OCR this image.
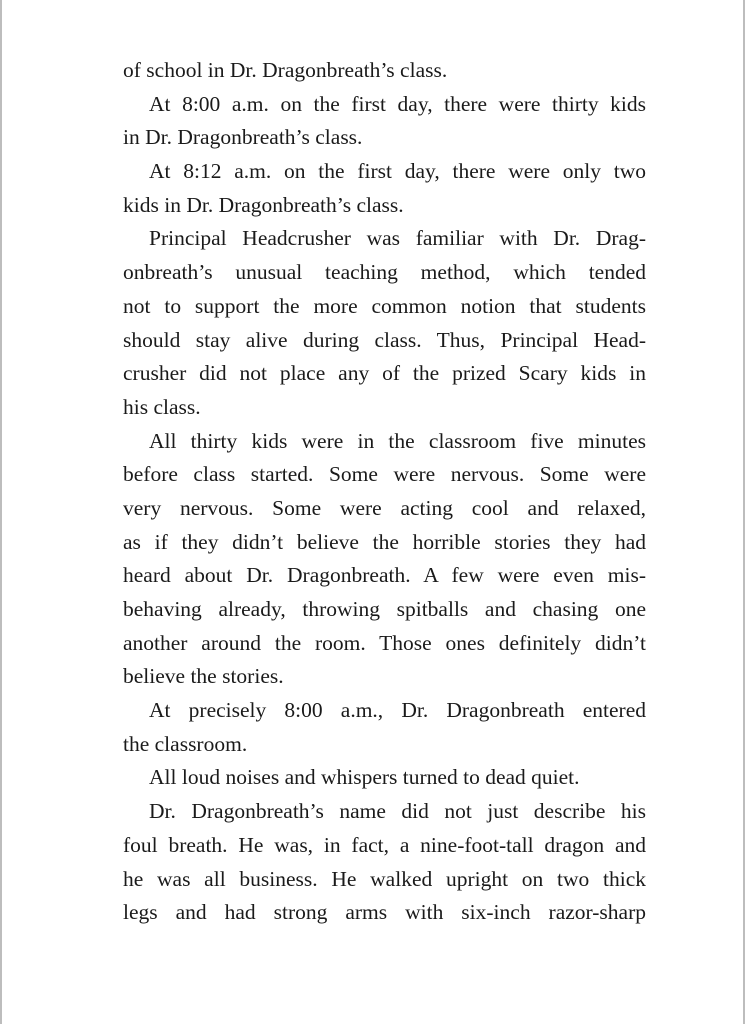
of school in Dr. Dragonbreath’s class.
At 8:00 a.m. on the first day, there were thirty kids
in Dr. Dragonbreath’s class.
At 8:12 a.m. on the first day, there were only two
kids in Dr. Dragonbreath’s class.
Principal Headcrusher was familiar with Dr. Drag-
onbreath’s unusual teaching method, which tended
not to support the more common notion that students
should stay alive during class. Thus, Principal Head-
crusher did not place any of the prized Scary kids in
his class.
All thirty kids were in the classroom five minutes
before class started. Some were nervous. Some were
very nervous. Some were acting cool and relaxed,
as if they didn’t believe the horrible stories they had
heard about Dr. Dragonbreath. A few were even mis-
behaving already, throwing spitballs and chasing one
another around the room. Those ones definitely didn’t
believe the stories.
At precisely 8:00 a.m., Dr. Dragonbreath entered
the classroom.
All loud noises and whispers turned to dead quiet.
Dr. Dragonbreath’s name did not just describe his
foul breath. He was, in fact, a nine-foot-tall dragon and
he was all business. He walked upright on two thick
legs and had strong arms with six-inch razor-sharp
